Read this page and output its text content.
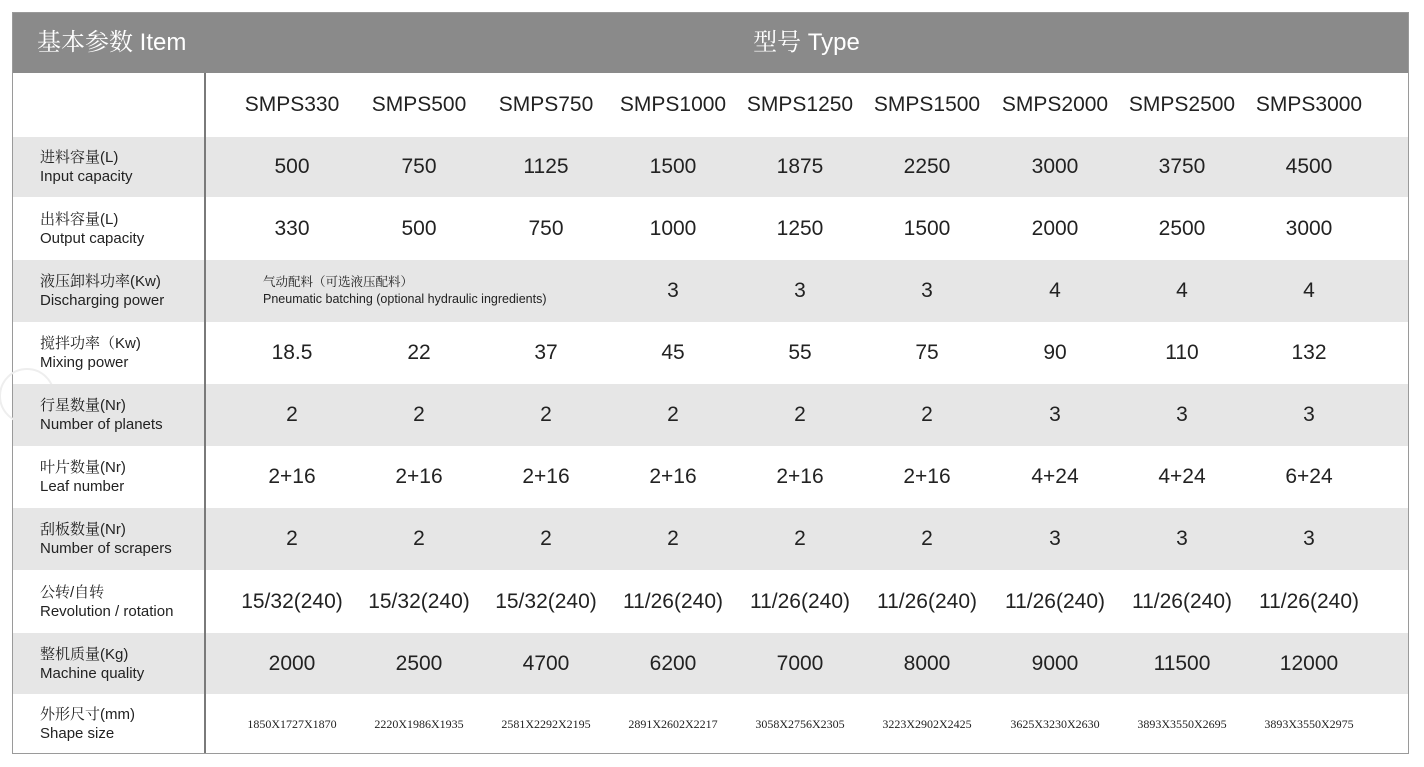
基本参数 Item	型号 Type
SMPS330	SMPS500	SMPS750	SMPS1000 SMPS1250 SMPS1500	SMPS2000 SMPS2500 SMPS3000
进料容量(L)
Input capacity	500	750	1125	1500	1875	2250	3000	3750	4500
出料容量(L)
Output capacity	330	500	750	1000	1250	1500	2000	2500	3000
液压卸料功率(Kw)
Discharging power
气动配料（可选液压配料）
Pneumatic batching (optional hydraulic ingredients)	3	3	3	4	4	4
搅拌功率（Kw)
Mixing power	18.5	22	37	45	55	75	90	110	132
行星数量(Nr)
Number of planets	2	2	2	2	2	2	3	3	3
叶片数量(Nr)
Leaf number	2+16	2+16	2+16	2+16	2+16	2+16	4+24	4+24	6+24
刮板数量(Nr)
Number of scrapers	2	2	2	2	2	2	3	3	3
公转/自转
Revolution / rotation	15/32(240)	15/32(240)	15/32(240)	11/26(240)	11/26(240)	11/26(240)	11/26(240)	11/26(240)	11/26(240)
整机质量(Kg)
Machine quality	2000	2500	4700	6200	7000	8000	9000	11500	12000
外形尺寸(mm)
Shape size
1850X1727X1870	2220X1986X1935	2581X2292X2195	2891X2602X2217	3058X2756X2305	3223X2902X2425	3625X3230X2630	3893X3550X2695	3893X3550X2975
